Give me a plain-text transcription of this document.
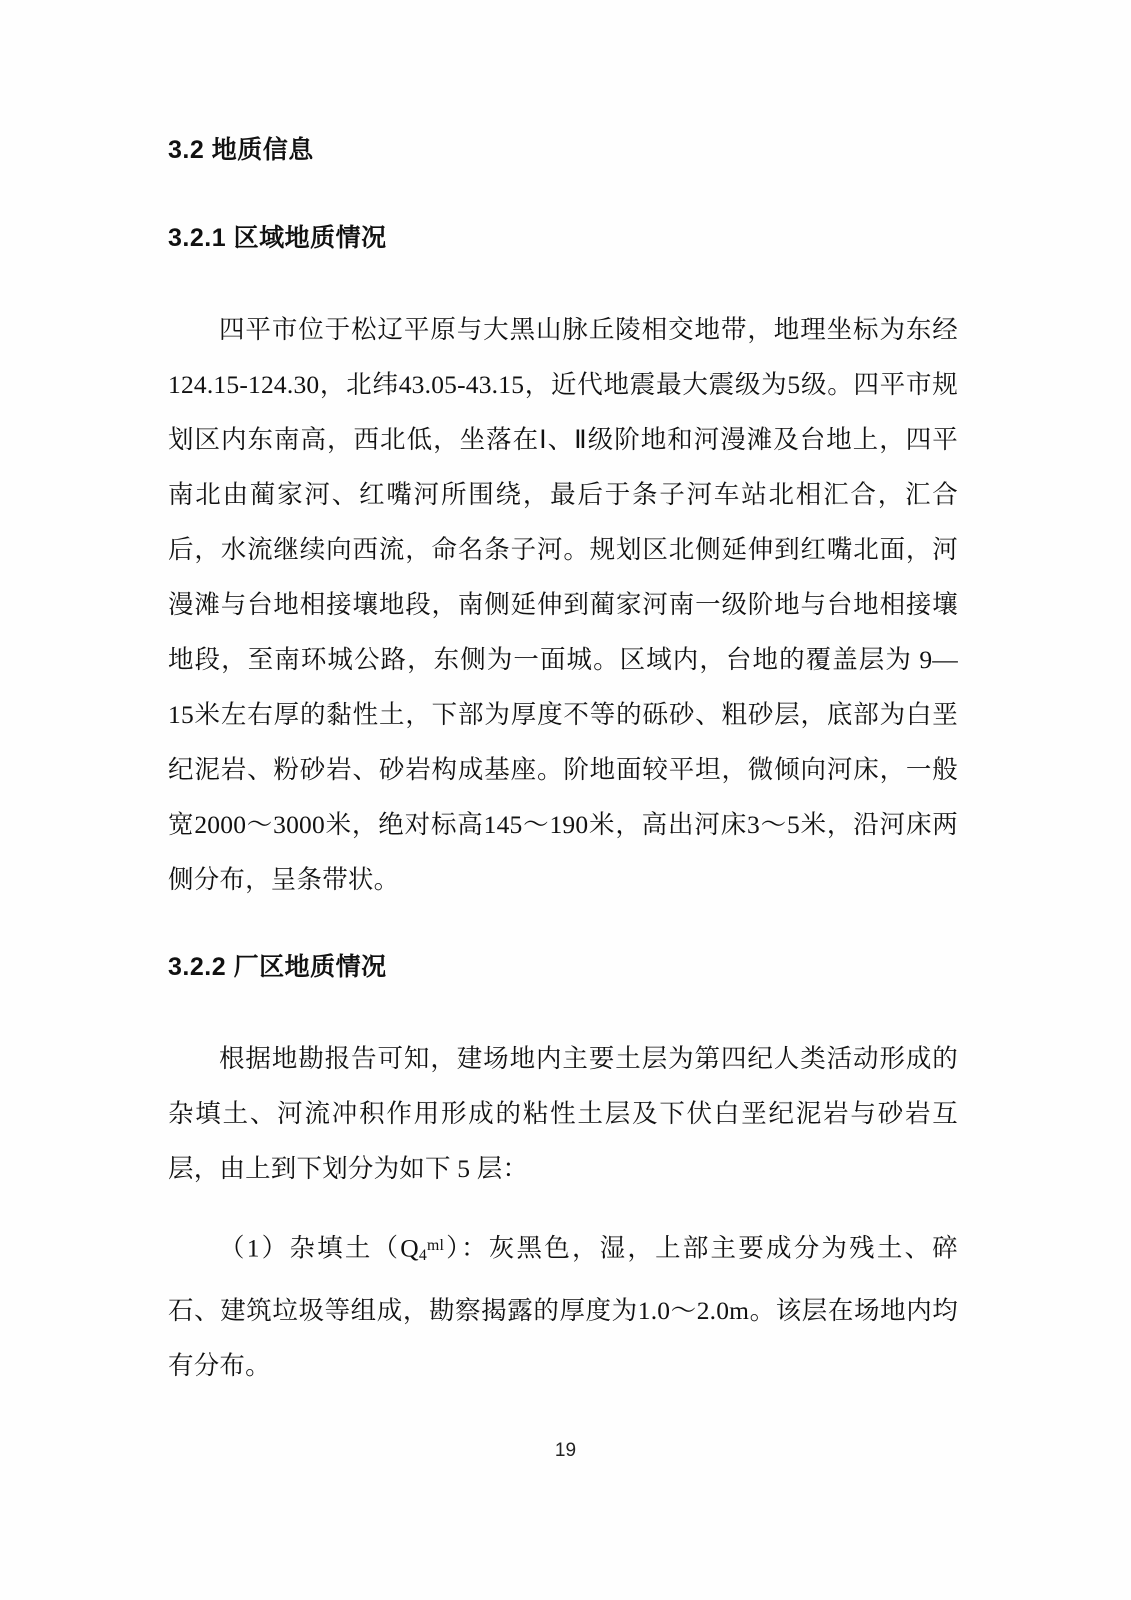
3.2 地质信息
3.2.1 区域地质情况

四平市位于松辽平原与大黑山脉丘陵相交地带，地理坐标为东经124.15-124.30，北纬43.05-43.15，近代地震最大震级为5级。四平市规划区内东南高，西北低，坐落在Ⅰ、Ⅱ级阶地和河漫滩及台地上，四平南北由蔺家河、红嘴河所围绕，最后于条子河车站北相汇合，汇合后，水流继续向西流，命名条子河。规划区北侧延伸到红嘴北面，河漫滩与台地相接壤地段，南侧延伸到蔺家河南一级阶地与台地相接壤地段，至南环城公路，东侧为一面城。区域内，台地的覆盖层为 9—15米左右厚的黏性土，下部为厚度不等的砾砂、粗砂层，底部为白垩纪泥岩、粉砂岩、砂岩构成基座。阶地面较平坦，微倾向河床，一般宽2000～3000米，绝对标高145～190米，高出河床3～5米，沿河床两侧分布，呈条带状。

3.2.2 厂区地质情况

根据地勘报告可知，建场地内主要土层为第四纪人类活动形成的杂填土、河流冲积作用形成的粘性土层及下伏白垩纪泥岩与砂岩互层，由上到下划分为如下 5 层：

（1）杂填土$(Q_4^{ml})$：灰黑色，湿，上部主要成分为残土、碎 石、建筑垃圾等组成，勘察揭露的厚度为1.0～2.0m。该层在场地内均有分布。

19
